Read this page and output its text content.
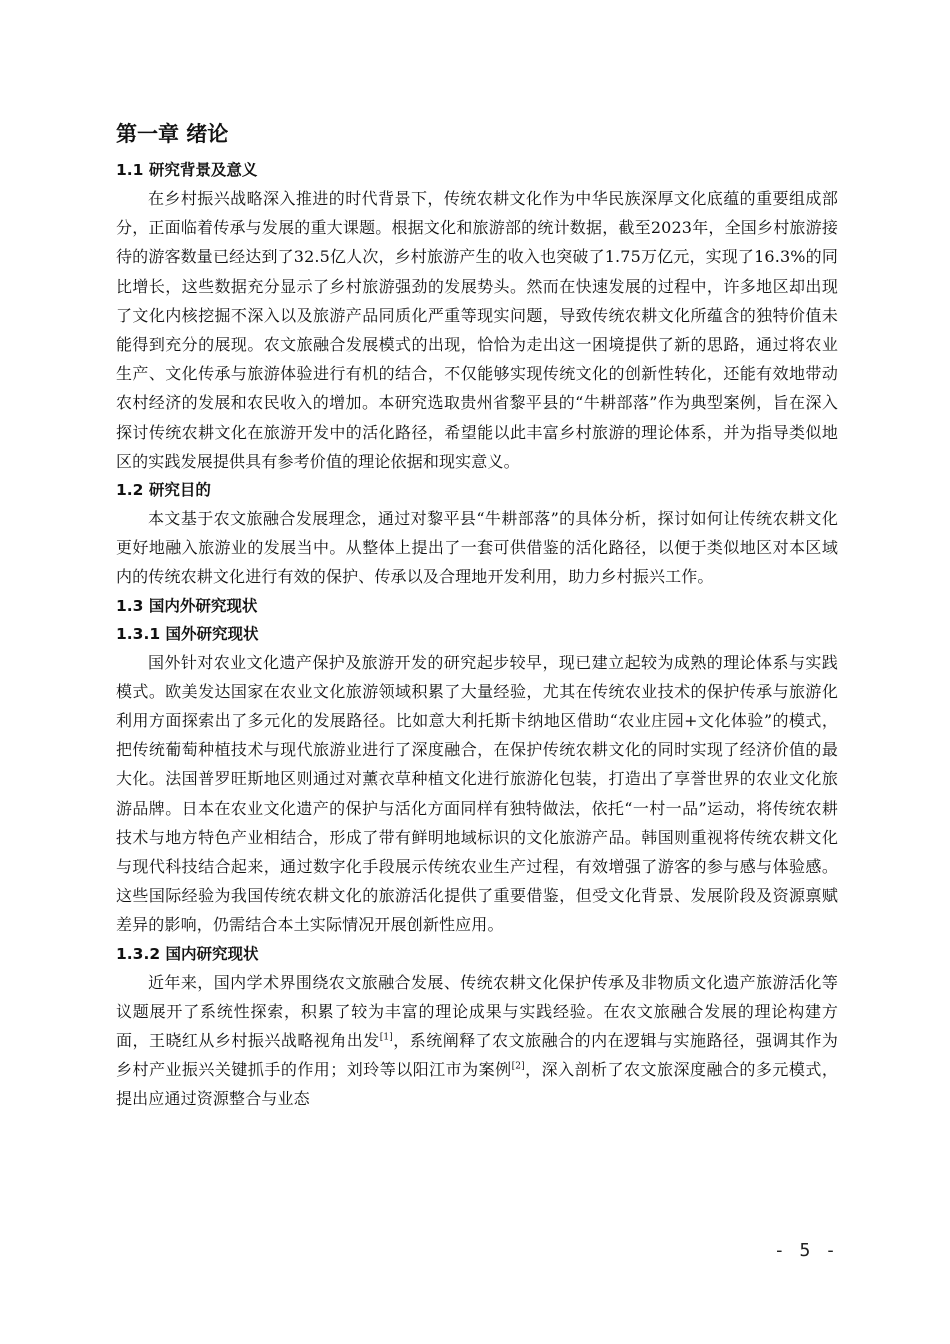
第一章 绪论
1.1 研究背景及意义

在乡村振兴战略深入推进的时代背景下，传统农耕文化作为中华民族深厚文化底蕴的重要组成部分，正面临着传承与发展的重大课题。根据文化和旅游部的统计数据，截至2023年，全国乡村旅游接待的游客数量已经达到了32.5亿人次，乡村旅游产生的收入也突破了1.75万亿元，实现了16.3%的同比增长，这些数据充分显示了乡村旅游强劲的发展势头。然而在快速发展的过程中，许多地区却出现了文化内核挖掘不深入以及旅游产品同质化严重等现实问题，导致传统农耕文化所蕴含的独特价值未能得到充分的展现。农文旅融合发展模式的出现，恰恰为走出这一困境提供了新的思路，通过将农业生产、文化传承与旅游体验进行有机的结合，不仅能够实现传统文化的创新性转化，还能有效地带动农村经济的发展和农民收入的增加。本研究选取贵州省黎平县的“牛耕部落”作为典型案例，旨在深入探讨传统农耕文化在旅游开发中的活化路径，希望能以此丰富乡村旅游的理论体系，并为指导类似地区的实践发展提供具有参考价值的理论依据和现实意义。

1.2 研究目的

本文基于农文旅融合发展理念，通过对黎平县“牛耕部落”的具体分析，探讨如何让传统农耕文化更好地融入旅游业的发展当中。从整体上提出了一套可供借鉴的活化路径，以便于类似地区对本区域内的传统农耕文化进行有效的保护、传承以及合理地开发利用，助力乡村振兴工作。

1.3 国内外研究现状
1.3.1 国外研究现状

国外针对农业文化遗产保护及旅游开发的研究起步较早，现已建立起较为成熟的理论体系与实践模式。欧美发达国家在农业文化旅游领域积累了大量经验，尤其在传统农业技术的保护传承与旅游化利用方面探索出了多元化的发展路径。比如意大利托斯卡纳地区借助“农业庄园+文化体验”的模式，把传统葡萄种植技术与现代旅游业进行了深度融合，在保护传统农耕文化的同时实现了经济价值的最大化。法国普罗旺斯地区则通过对薰衣草种植文化进行旅游化包装，打造出了享誉世界的农业文化旅游品牌。日本在农业文化遗产的保护与活化方面同样有独特做法，依托“一村一品”运动，将传统农耕技术与地方特色产业相结合，形成了带有鲜明地域标识的文化旅游产品。韩国则重视将传统农耕文化与现代科技结合起来，通过数字化手段展示传统农业生产过程，有效增强了游客的参与感与体验感。这些国际经验为我国传统农耕文化的旅游活化提供了重要借鉴，但受文化背景、发展阶段及资源禀赋差异的影响，仍需结合本土实际情况开展创新性应用。

1.3.2 国内研究现状

近年来，国内学术界围绕农文旅融合发展、传统农耕文化保护传承及非物质文化遗产旅游活化等议题展开了系统性探索，积累了较为丰富的理论成果与实践经验。在农文旅融合发展的理论构建方面，王晓红从乡村振兴战略视角出发[1]，系统阐释了农文旅融合的内在逻辑与实施路径，强调其作为乡村产业振兴关键抓手的作用；刘玲等以阳江市为案例[2]，深入剖析了农文旅深度融合的多元模式，提出应通过资源整合与业态

- 5 -
